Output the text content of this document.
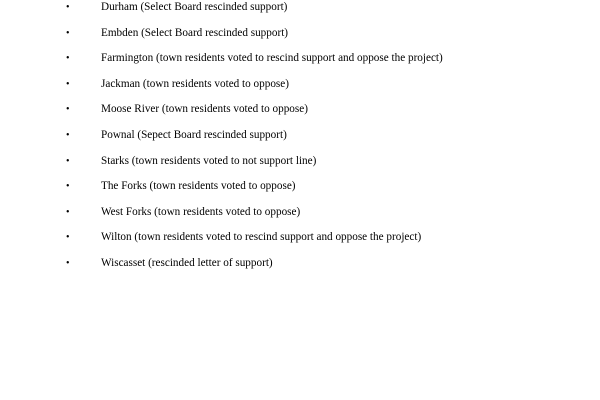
•	Durham (Select Board rescinded support)
•	Embden (Select Board rescinded support)
•	Farmington (town residents voted to rescind support and oppose the project)
•	Jackman (town residents voted to oppose)
•	Moose River (town residents voted to oppose)
•	Pownal (Sepect Board rescinded support)
•	Starks (town residents voted to not support line)
•	The Forks (town residents voted to oppose)
•	West Forks (town residents voted to oppose)
•	Wilton (town residents voted to rescind support and oppose the project)
•	Wiscasset (rescinded letter of support)
